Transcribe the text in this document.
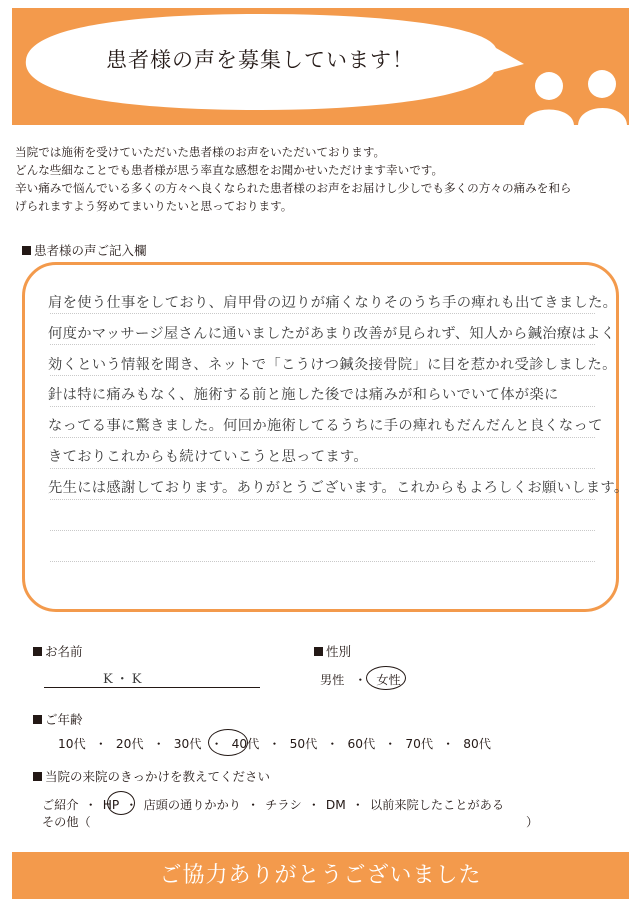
患者様の声を募集しています！
当院では施術を受けていただいた患者様のお声をいただいております。
どんな些細なことでも患者様が思う率直な感想をお聞かせいただけます幸いです。
辛い痛みで悩んでいる多くの方々へ良くなられた患者様のお声をお届けし少しでも多くの方々の痛みを和ら
げられますよう努めてまいりたいと思っております。
患者様の声ご記入欄
肩を使う仕事をしており、肩甲骨の辺りが痛くなりそのうち手の痺れも出てきました。
何度かマッサージ屋さんに通いましたがあまり改善が見られず、知人から鍼治療はよく
効くという情報を聞き、ネットで「こうけつ鍼灸接骨院」に目を惹かれ受診しました。
針は特に痛みもなく、施術する前と施した後では痛みが和らいでいて体が楽に
なってる事に驚きました。何回か施術してるうちに手の痺れもだんだんと良くなって
きておりこれからも続けていこうと思ってます。
先生には感謝しております。ありがとうございます。これからもよろしくお願いします。
お名前
K・K
性別
男性 ・ 女性
ご年齢
10代 ・ 20代 ・ 30代 ・ 40代 ・ 50代 ・ 60代 ・ 70代 ・ 80代
当院の来院のきっかけを教えてください
ご紹介 ・ HP ・ 店頭の通りかかり ・ チラシ ・ DM ・ 以前来院したことがある
その他（	）
ご協力ありがとうございました
